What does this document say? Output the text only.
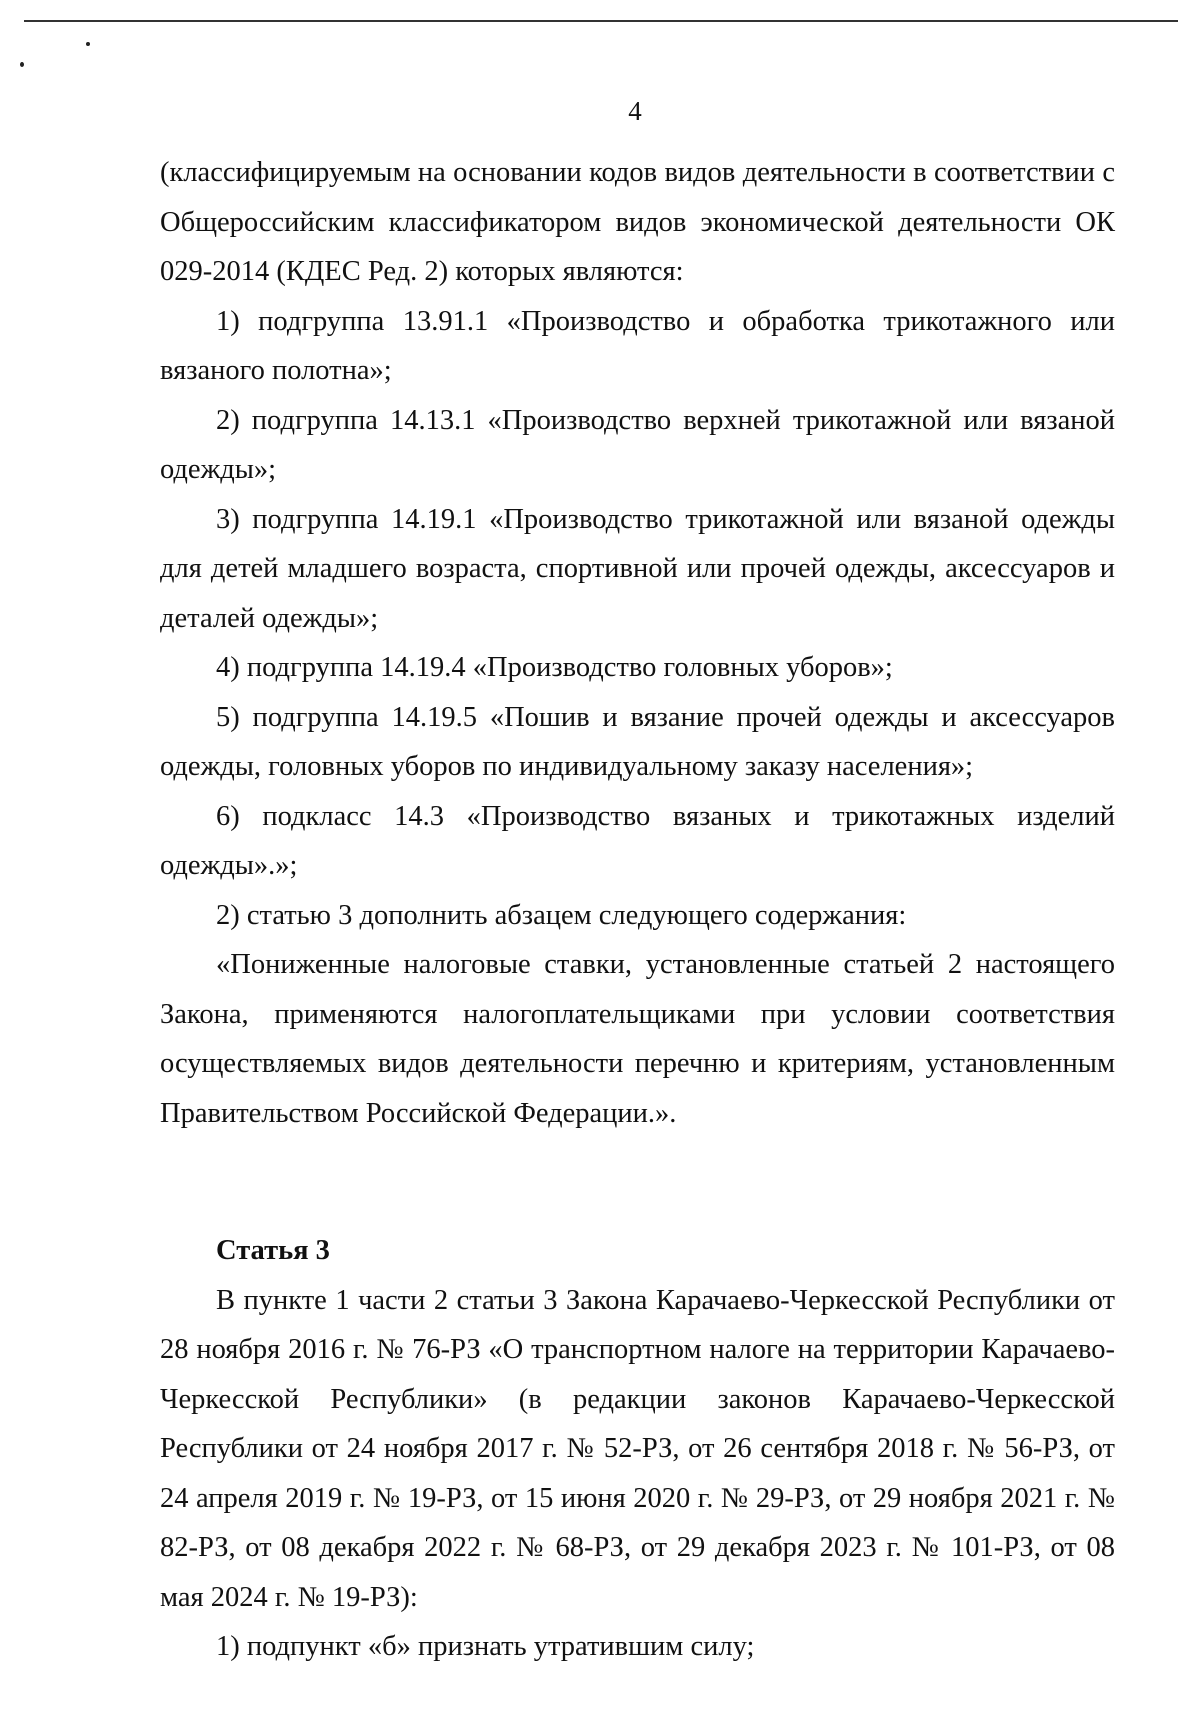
4

(классифицируемым на основании кодов видов деятельности в соответствии с Общероссийским классификатором видов экономической деятельности ОК 029-2014 (КДЕС Ред. 2) которых являются:

1) подгруппа 13.91.1 «Производство и обработка трикотажного или вязаного полотна»;

2) подгруппа 14.13.1 «Производство верхней трикотажной или вязаной одежды»;

3) подгруппа 14.19.1 «Производство трикотажной или вязаной одежды для детей младшего возраста, спортивной или прочей одежды, аксессуаров и деталей одежды»;

4) подгруппа 14.19.4 «Производство головных уборов»;

5) подгруппа 14.19.5 «Пошив и вязание прочей одежды и аксессуаров одежды, головных уборов по индивидуальному заказу населения»;

6) подкласс 14.3 «Производство вязаных и трикотажных изделий одежды».»;

2) статью 3 дополнить абзацем следующего содержания:

«Пониженные налоговые ставки, установленные статьей 2 настоящего Закона, применяются налогоплательщиками при условии соответствия осуществляемых видов деятельности перечню и критериям, установленным Правительством Российской Федерации.».

Статья 3

В пункте 1 части 2 статьи 3 Закона Карачаево-Черкесской Республики от 28 ноября 2016 г. № 76-РЗ «О транспортном налоге на территории Карачаево-Черкесской Республики» (в редакции законов Карачаево-Черкесской Республики от 24 ноября 2017 г. № 52-РЗ, от 26 сентября 2018 г. № 56-РЗ, от 24 апреля 2019 г. № 19-РЗ, от 15 июня 2020 г. № 29-РЗ, от 29 ноября 2021 г. № 82-РЗ, от 08 декабря 2022 г. № 68-РЗ, от 29 декабря 2023 г. № 101-РЗ, от 08 мая 2024 г. № 19-РЗ):

1) подпункт «б» признать утратившим силу;
